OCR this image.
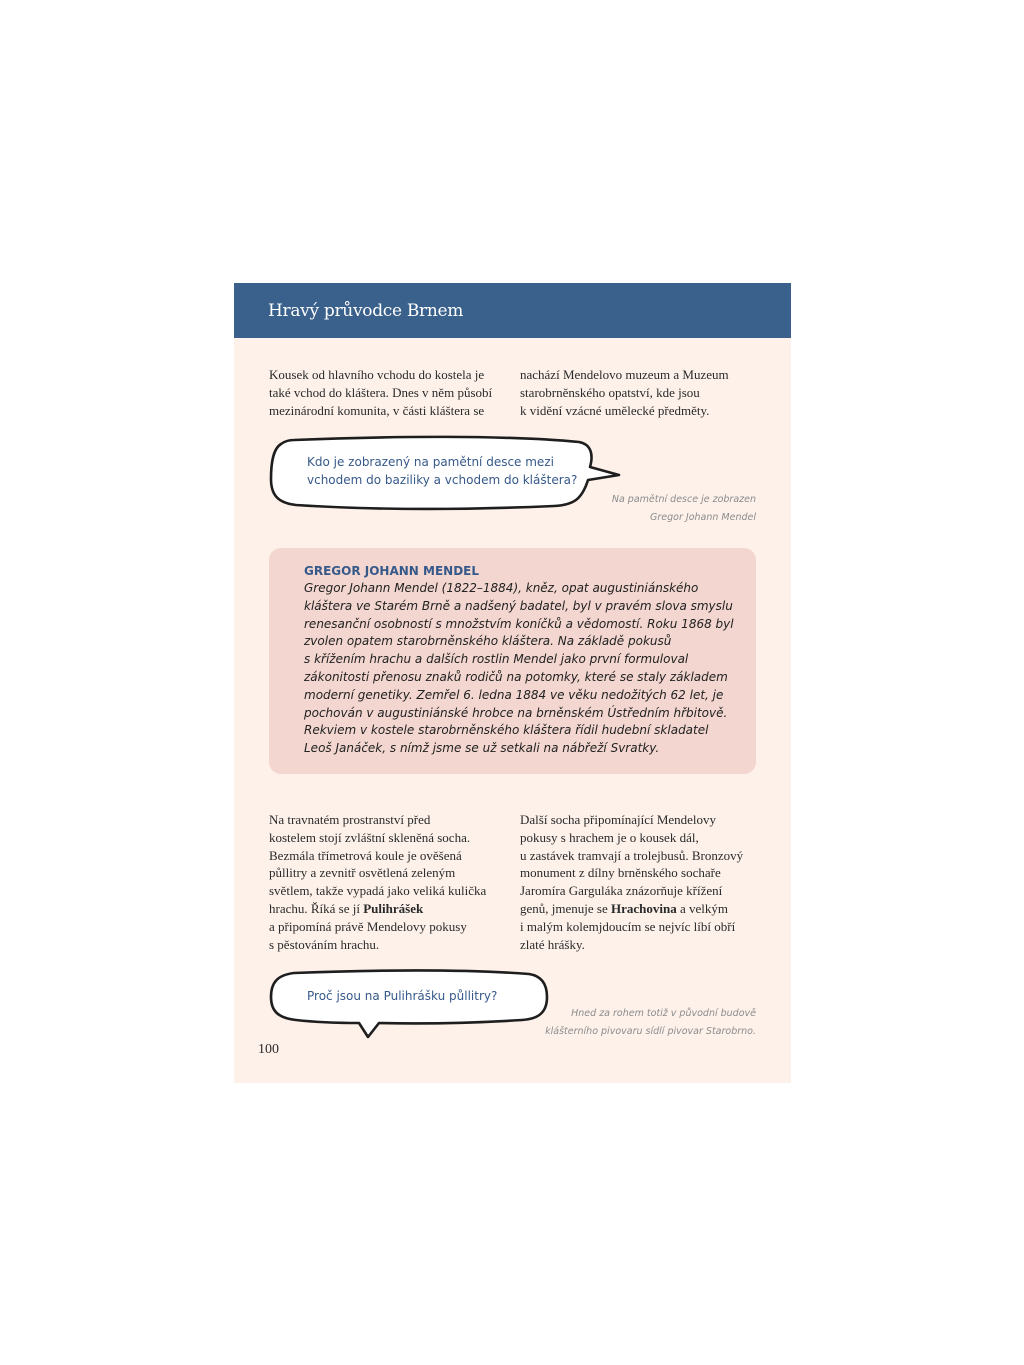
Hravý průvodce Brnem
Kousek od hlavního vchodu do kostela je
také vchod do kláštera. Dnes v něm působí
mezinárodní komunita, v části kláštera se
nachází Mendelovo muzeum a Muzeum
starobrněnského opatství, kde jsou
k vidění vzácné umělecké předměty.
Kdo je zobrazený na pamětní desce mezi
vchodem do baziliky a vchodem do kláštera?
Na pamětní desce je zobrazen
Gregor Johann Mendel
GREGOR JOHANN MENDEL
Gregor Johann Mendel (1822–1884), kněz, opat augustiniánského
kláštera ve Starém Brně a nadšený badatel, byl v pravém slova smyslu
renesanční osobností s množstvím koníčků a vědomostí. Roku 1868 byl
zvolen opatem starobrněnského kláštera. Na základě pokusů
s křížením hrachu a dalších rostlin Mendel jako první formuloval
zákonitosti přenosu znaků rodičů na potomky, které se staly základem
moderní genetiky. Zemřel 6. ledna 1884 ve věku nedožitých 62 let, je
pochován v augustiniánské hrobce na brněnském Ústředním hřbitově.
Rekviem v kostele starobrněnského kláštera řídil hudební skladatel
Leoš Janáček, s nímž jsme se už setkali na nábřeží Svratky.
Na travnatém prostranství před
kostelem stojí zvláštní skleněná socha.
Bezmála třímetrová koule je ověšená
půllitry a zevnitř osvětlená zeleným
světlem, takže vypadá jako veliká kulička
hrachu. Říká se jí Pulihrášek
a připomíná právě Mendelovy pokusy
s pěstováním hrachu.
Další socha připomínající Mendelovy
pokusy s hrachem je o kousek dál,
u zastávek tramvají a trolejbusů. Bronzový
monument z dílny brněnského sochaře
Jaromíra Garguláka znázorňuje křížení
genů, jmenuje se Hrachovina a velkým
i malým kolemjdoucím se nejvíc líbí obří
zlaté hrášky.
Proč jsou na Pulihrášku půllitry?
Hned za rohem totiž v původní budově
klášterního pivovaru sídlí pivovar Starobrno.
100
